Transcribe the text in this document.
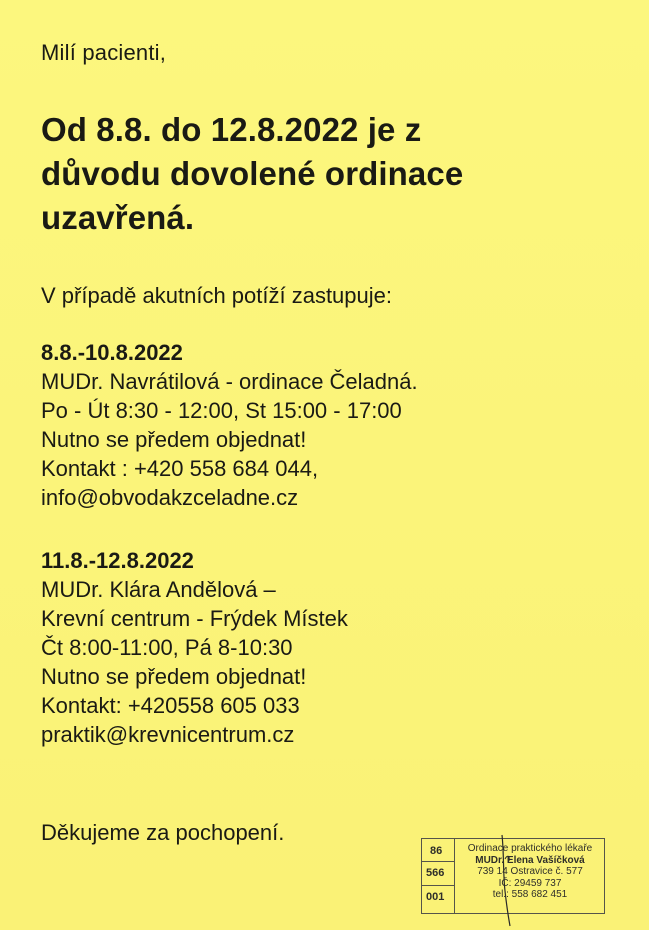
Milí pacienti,

Od 8.8. do 12.8.2022 je z
důvodu dovolené ordinace
uzavřená.

V případě akutních potíží zastupuje:

8.8.-10.8.2022
MUDr. Navrátilová - ordinace Čeladná.
Po - Út 8:30 - 12:00, St 15:00 - 17:00
Nutno se předem objednat!
Kontakt : +420 558 684 044,
info@obvodakzceladne.cz
11.8.-12.8.2022
MUDr. Klára Andělová –
Krevní centrum - Frýdek Místek
Čt 8:00-11:00, Pá 8-10:30
Nutno se předem objednat!
Kontakt: +420558 605 033
praktik@krevnicentrum.cz

Děkujeme za pochopení.

86
566
001
Ordinace praktického lékaře
MUDr. Elena Vašíčková
739 14 Ostravice č. 577
IČ: 29459 737
tel.: 558 682 451
